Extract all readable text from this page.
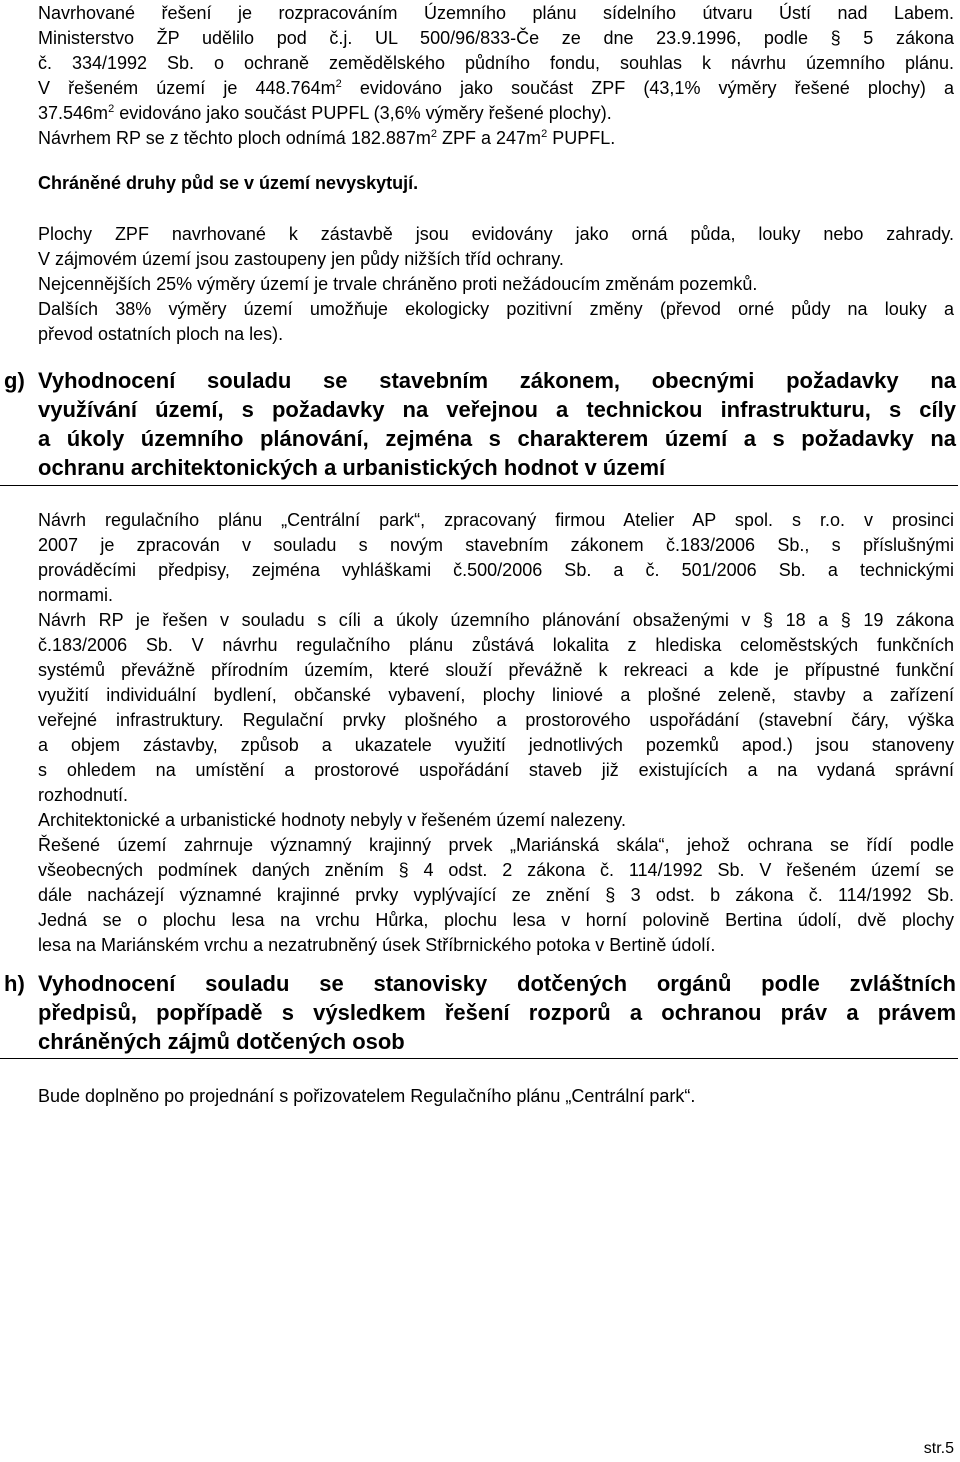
Navrhované řešení je rozpracováním Územního plánu sídelního útvaru Ústí nad Labem.

Ministerstvo ŽP udělilo pod č.j. UL 500/96/833-Če ze dne 23.9.1996, podle § 5 zákona

č. 334/1992 Sb. o ochraně zemědělského půdního fondu, souhlas k návrhu územního plánu.

V řešeném území je $448.764m^2$ evidováno jako součást ZPF (43,1% výměry řešené plochy) a

$37.546m^2$ evidováno jako součást PUPFL (3,6% výměry řešené plochy).

Návrhem RP se z těchto ploch odnímá $182.887m^2$ ZPF a $247m^2$ PUPFL.

Chráněné druhy půd se v území nevyskytují.

Plochy ZPF navrhované k zástavbě jsou evidovány jako orná půda, louky nebo zahrady.

V zájmovém území jsou zastoupeny jen půdy nižších tříd ochrany.

Nejcennějších 25% výměry území je trvale chráněno proti nežádoucím změnám pozemků.

Dalších 38% výměry území umožňuje ekologicky pozitivní změny (převod orné půdy na louky a

převod ostatních ploch na les).

g) Vyhodnocení souladu se stavebním zákonem, obecnými požadavky na
využívání území, s požadavky na veřejnou a technickou infrastrukturu, s cíly
a úkoly územního plánování, zejména s charakterem území a s požadavky na
ochranu architektonických a urbanistických hodnot v území

Návrh regulačního plánu „Centrální park“, zpracovaný firmou Atelier AP spol. s r.o. v prosinci

2007 je zpracován v souladu s novým stavebním zákonem č.183/2006 Sb., s příslušnými

prováděcími předpisy, zejména vyhláškami č.500/2006 Sb. a č. 501/2006 Sb. a technickými

normami.

Návrh RP je řešen v souladu s cíli a úkoly územního plánování obsaženými v § 18 a § 19 zákona

č.183/2006 Sb. V návrhu regulačního plánu zůstává lokalita z hlediska celoměstských funkčních

systémů převážně přírodním územím, které slouží převážně k rekreaci a kde je přípustné funkční

využití individuální bydlení, občanské vybavení, plochy liniové a plošné zeleně, stavby a zařízení

veřejné infrastruktury. Regulační prvky plošného a prostorového uspořádání (stavební čáry, výška

a objem zástavby, způsob a ukazatele využití jednotlivých pozemků apod.) jsou stanoveny

s ohledem na umístění a prostorové uspořádání staveb již existujících a na vydaná správní

rozhodnutí.

Architektonické a urbanistické hodnoty nebyly v řešeném území nalezeny.

Řešené území zahrnuje významný krajinný prvek „Mariánská skála“, jehož ochrana se řídí podle

všeobecných podmínek daných zněním § 4 odst. 2 zákona č. 114/1992 Sb. V řešeném území se

dále nacházejí významné krajinné prvky vyplývající ze znění § 3 odst. b zákona č. 114/1992 Sb.

Jedná se o plochu lesa na vrchu Hůrka, plochu lesa v horní polovině Bertina údolí, dvě plochy

lesa na Mariánském vrchu a nezatrubněný úsek Stříbrnického potoka v Bertině údolí.

h) Vyhodnocení souladu se stanovisky dotčených orgánů podle zvláštních
předpisů, popřípadě s výsledkem řešení rozporů a ochranou práv a právem
chráněných zájmů dotčených osob

Bude doplněno po projednání s pořizovatelem Regulačního plánu „Centrální park“.

str.5
